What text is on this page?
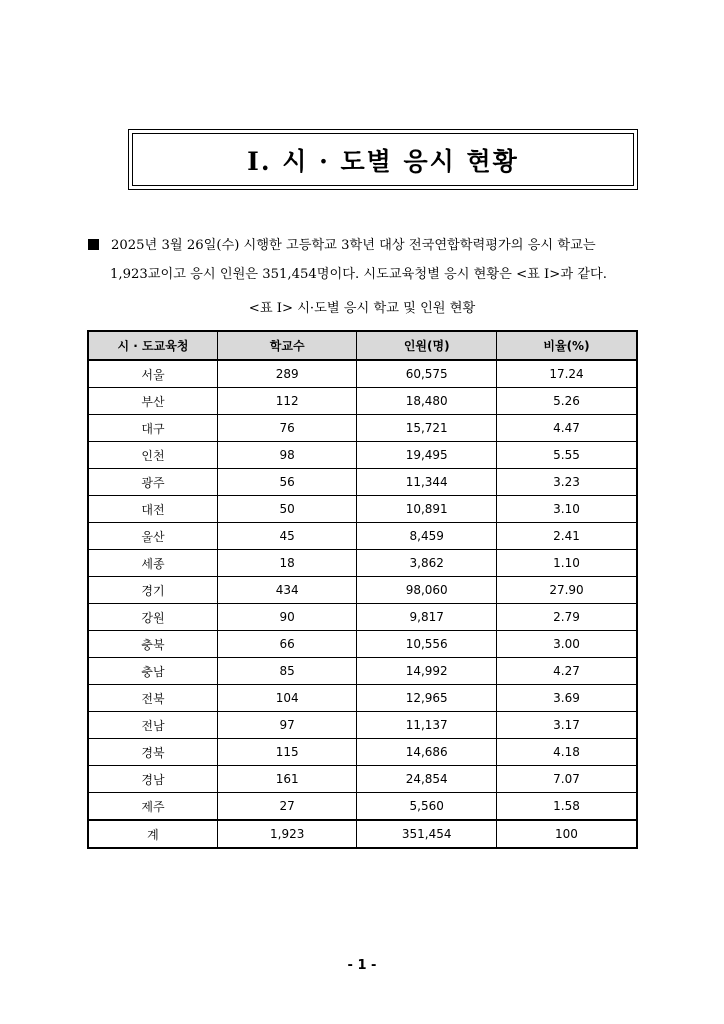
I. 시 · 도별 응시 현황
2025년 3월 26일(수) 시행한 고등학교 3학년 대상 전국연합학력평가의 응시 학교는
1,923교이고 응시 인원은 351,454명이다. 시도교육청별 응시 현황은 <표 Ⅰ>과 같다.
<표 Ⅰ> 시·도별 응시 학교 및 인원 현황
시 · 도교육청	학교수	인원(명)	비율(%)
서울	289	60,575	17.24
부산	112	18,480	5.26
대구	76	15,721	4.47
인천	98	19,495	5.55
광주	56	11,344	3.23
대전	50	10,891	3.10
울산	45	8,459	2.41
세종	18	3,862	1.10
경기	434	98,060	27.90
강원	90	9,817	2.79
충북	66	10,556	3.00
충남	85	14,992	4.27
전북	104	12,965	3.69
전남	97	11,137	3.17
경북	115	14,686	4.18
경남	161	24,854	7.07
제주	27	5,560	1.58
계	1,923	351,454	100
- 1 -
